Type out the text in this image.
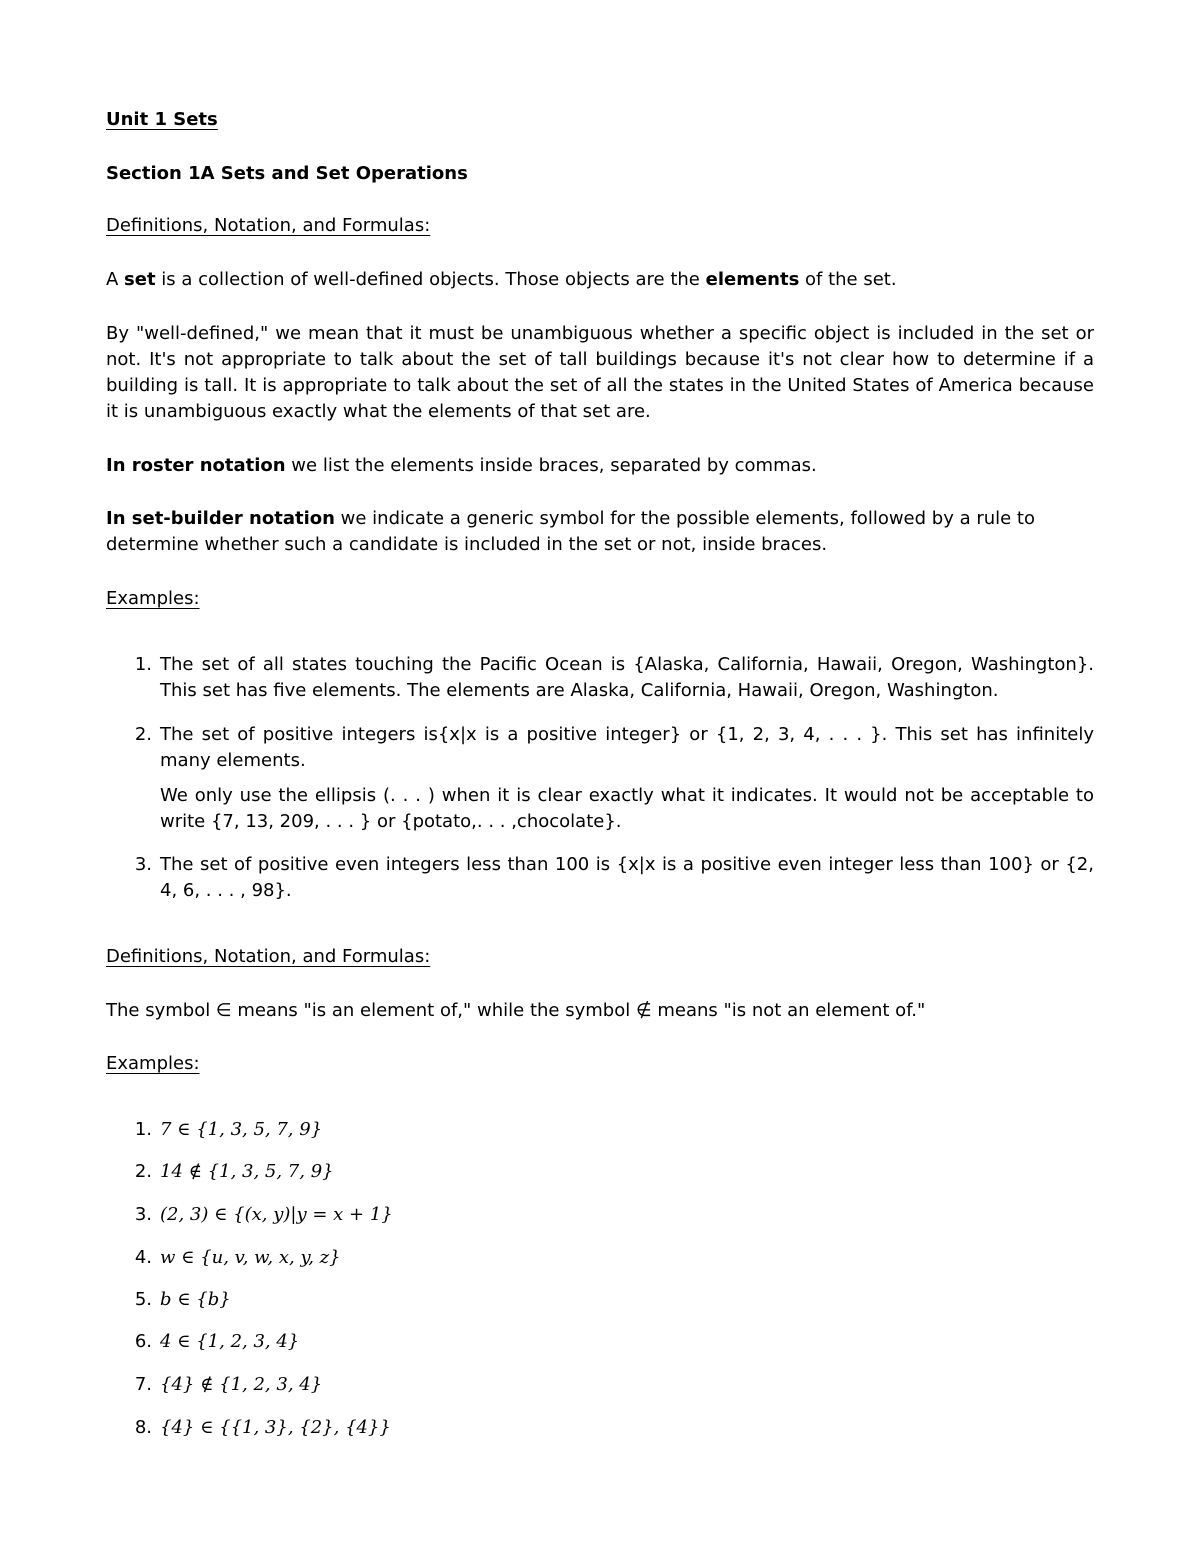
Unit 1 Sets
Section 1A Sets and Set Operations
Definitions, Notation, and Formulas:

A set is a collection of well-defined objects. Those objects are the elements of the set.

By "well-defined," we mean that it must be unambiguous whether a specific object is included in the set or not. It's not appropriate to talk about the set of tall buildings because it's not clear how to determine if a building is tall. It is appropriate to talk about the set of all the states in the United States of America because it is unambiguous exactly what the elements of that set are.

In roster notation we list the elements inside braces, separated by commas.

In set-builder notation we indicate a generic symbol for the possible elements, followed by a rule to determine whether such a candidate is included in the set or not, inside braces.

Examples:
1. The set of all states touching the Pacific Ocean is {Alaska, California, Hawaii, Oregon, Washington}. This set has five elements. The elements are Alaska, California, Hawaii, Oregon, Washington.

2. The set of positive integers is{x|x is a positive integer} or {1, 2, 3, 4, . . . }. This set has infinitely many elements.

We only use the ellipsis (. . . ) when it is clear exactly what it indicates. It would not be acceptable to write {7, 13, 209, . . . } or {potato,. . . ,chocolate}.

3. The set of positive even integers less than 100 is {x|x is a positive even integer less than 100} or {2, 4, 6, . . . , 98}.

Definitions, Notation, and Formulas:

The symbol ∈ means "is an element of," while the symbol ∉ means "is not an element of."

Examples:
1. 7 ∈ {1, 3, 5, 7, 9}
2. 14 ∉ {1, 3, 5, 7, 9}
3. (2, 3) ∈ {(x, y)|y = x + 1}
4. w ∈ {u, v, w, x, y, z}
5. b ∈ {b}
6. 4 ∈ {1, 2, 3, 4}
7. {4} ∉ {1, 2, 3, 4}
8. {4} ∈ {{1, 3}, {2}, {4}}
